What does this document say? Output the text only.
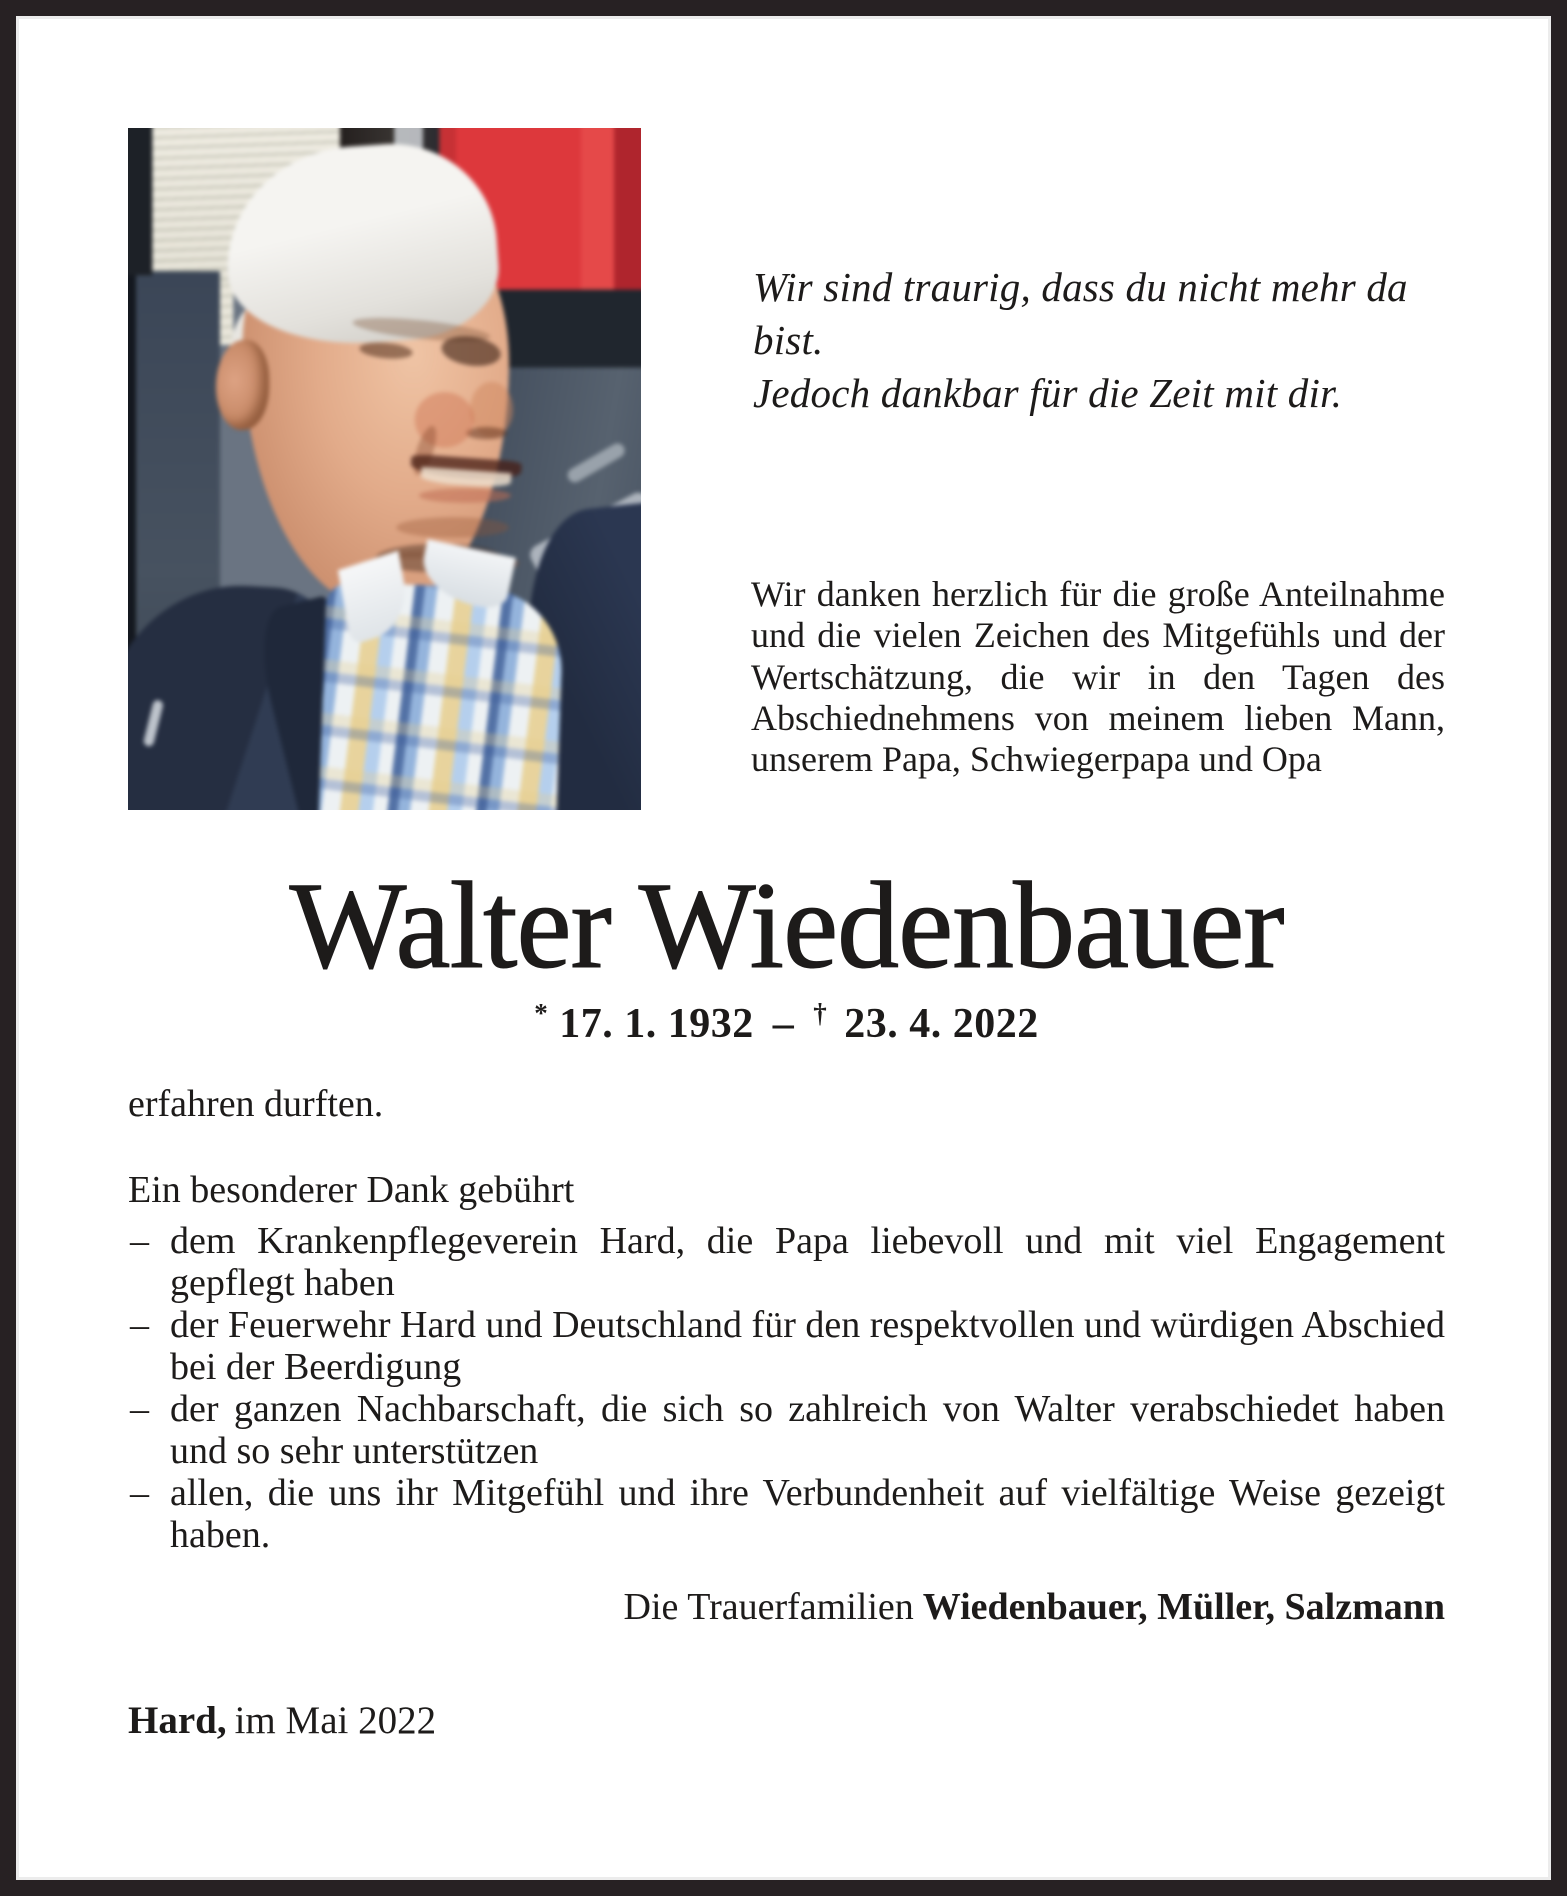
Wir sind traurig, dass du nicht mehr da bist.
Jedoch dankbar für die Zeit mit dir.
Wir danken herzlich für die große Anteilnahme und die vielen Zeichen des Mitgefühls und der Wertschätzung, die wir in den Tagen des Abschiednehmens von meinem lieben Mann, unserem Papa, Schwiegerpapa und Opa
Walter Wiedenbauer
* 17. 1. 1932 – † 23. 4. 2022
erfahren durften.
Ein besonderer Dank gebührt
– dem Krankenpflegeverein Hard, die Papa liebevoll und mit viel Engagement gepflegt haben
– der Feuerwehr Hard und Deutschland für den respektvollen und würdigen Abschied bei der Beerdigung
– der ganzen Nachbarschaft, die sich so zahlreich von Walter verabschiedet haben und so sehr unterstützen
– allen, die uns ihr Mitgefühl und ihre Verbundenheit auf vielfältige Weise gezeigt haben.
Die Trauerfamilien Wiedenbauer, Müller, Salzmann
Hard, im Mai 2022
